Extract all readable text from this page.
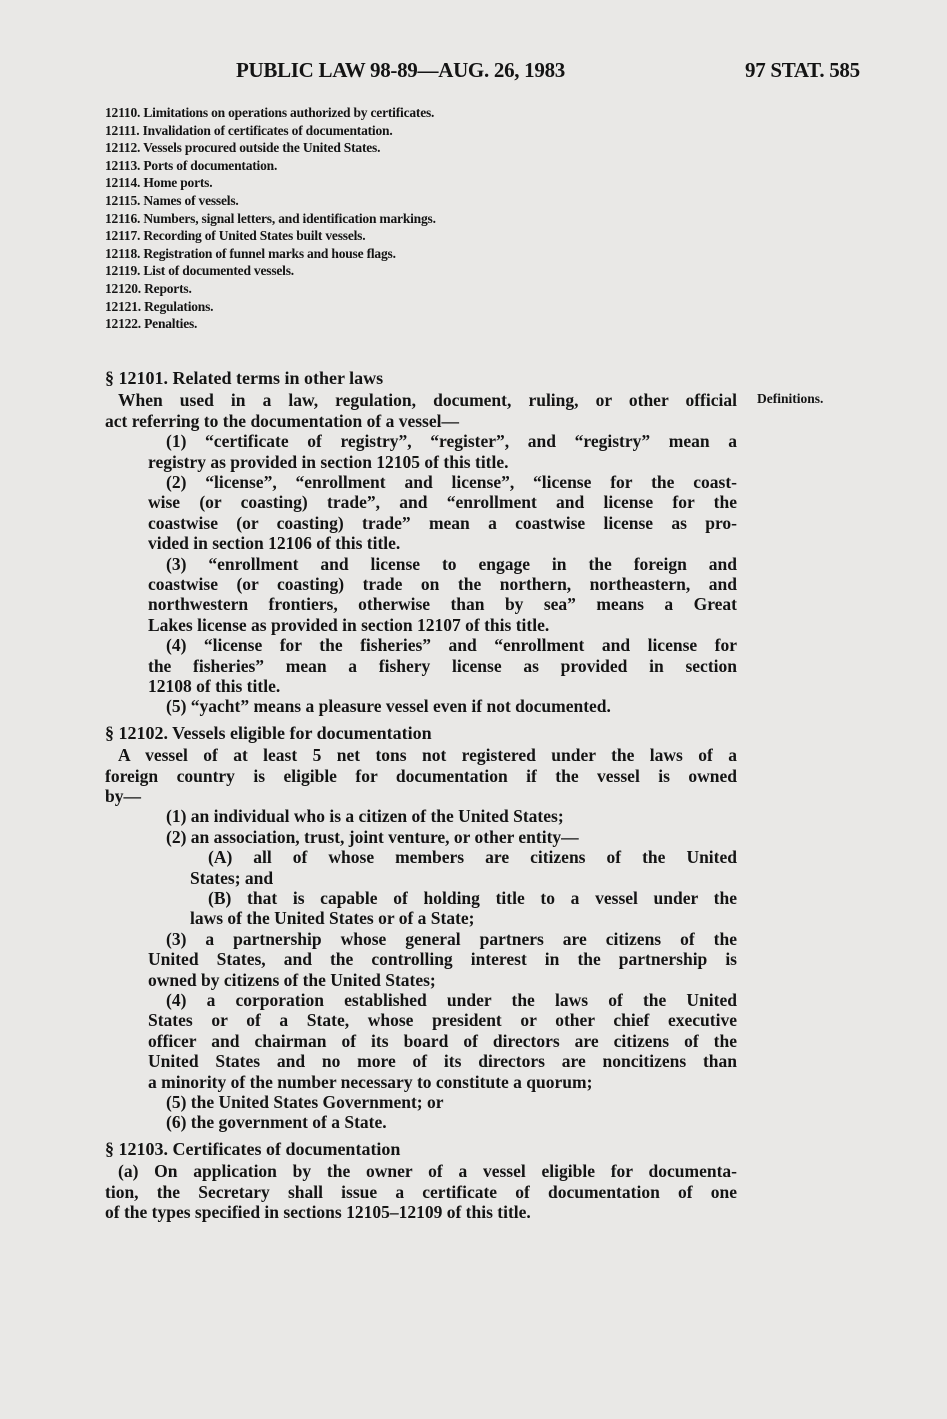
PUBLIC LAW 98-89—AUG. 26, 1983	97 STAT. 585
12110. Limitations on operations authorized by certificates.
12111. Invalidation of certificates of documentation.
12112. Vessels procured outside the United States.
12113. Ports of documentation.
12114. Home ports.
12115. Names of vessels.
12116. Numbers, signal letters, and identification markings.
12117. Recording of United States built vessels.
12118. Registration of funnel marks and house flags.
12119. List of documented vessels.
12120. Reports.
12121. Regulations.
12122. Penalties.
Definitions.
§ 12101. Related terms in other laws
When used in a law, regulation, document, ruling, or other official
act referring to the documentation of a vessel—
(1) “certificate of registry”, “register”, and “registry” mean a
registry as provided in section 12105 of this title.
(2) “license”, “enrollment and license”, “license for the coast-
wise (or coasting) trade”, and “enrollment and license for the
coastwise (or coasting) trade” mean a coastwise license as pro-
vided in section 12106 of this title.
(3) “enrollment and license to engage in the foreign and
coastwise (or coasting) trade on the northern, northeastern, and
northwestern frontiers, otherwise than by sea” means a Great
Lakes license as provided in section 12107 of this title.
(4) “license for the fisheries” and “enrollment and license for
the fisheries” mean a fishery license as provided in section
12108 of this title.
(5) “yacht” means a pleasure vessel even if not documented.
§ 12102. Vessels eligible for documentation
A vessel of at least 5 net tons not registered under the laws of a
foreign country is eligible for documentation if the vessel is owned
by—
(1) an individual who is a citizen of the United States;
(2) an association, trust, joint venture, or other entity—
(A) all of whose members are citizens of the United
States; and
(B) that is capable of holding title to a vessel under the
laws of the United States or of a State;
(3) a partnership whose general partners are citizens of the
United States, and the controlling interest in the partnership is
owned by citizens of the United States;
(4) a corporation established under the laws of the United
States or of a State, whose president or other chief executive
officer and chairman of its board of directors are citizens of the
United States and no more of its directors are noncitizens than
a minority of the number necessary to constitute a quorum;
(5) the United States Government; or
(6) the government of a State.
§ 12103. Certificates of documentation
(a) On application by the owner of a vessel eligible for documenta-
tion, the Secretary shall issue a certificate of documentation of one
of the types specified in sections 12105–12109 of this title.
